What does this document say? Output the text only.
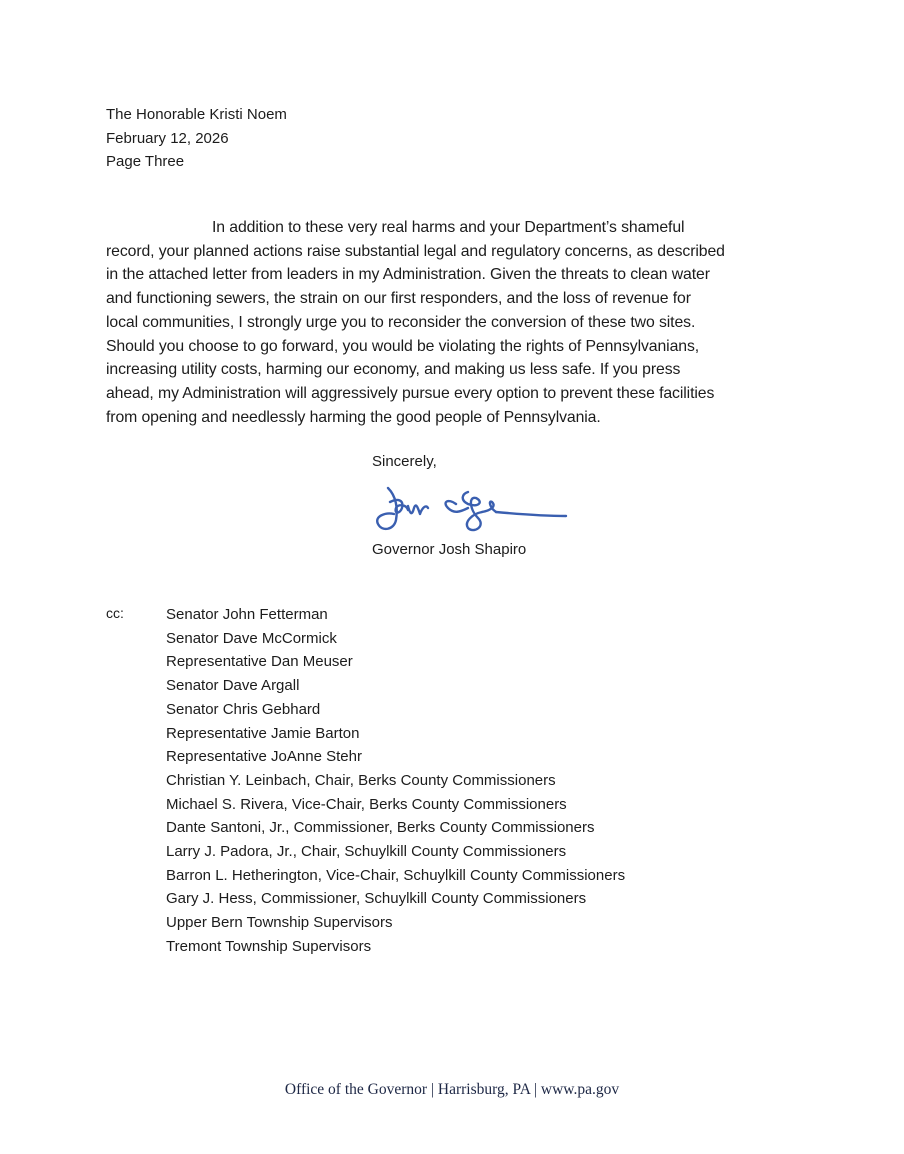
The Honorable Kristi Noem
February 12, 2026
Page Three
In addition to these very real harms and your Department’s shameful
record, your planned actions raise substantial legal and regulatory concerns, as described
in the attached letter from leaders in my Administration. Given the threats to clean water
and functioning sewers, the strain on our first responders, and the loss of revenue for
local communities, I strongly urge you to reconsider the conversion of these two sites.
Should you choose to go forward, you would be violating the rights of Pennsylvanians,
increasing utility costs, harming our economy, and making us less safe. If you press
ahead, my Administration will aggressively pursue every option to prevent these facilities
from opening and needlessly harming the good people of Pennsylvania.
Sincerely,
Governor Josh Shapiro
cc:	Senator John Fetterman
Senator Dave McCormick
Representative Dan Meuser
Senator Dave Argall
Senator Chris Gebhard
Representative Jamie Barton
Representative JoAnne Stehr
Christian Y. Leinbach, Chair, Berks County Commissioners
Michael S. Rivera, Vice-Chair, Berks County Commissioners
Dante Santoni, Jr., Commissioner, Berks County Commissioners
Larry J. Padora, Jr., Chair, Schuylkill County Commissioners
Barron L. Hetherington, Vice-Chair, Schuylkill County Commissioners
Gary J. Hess, Commissioner, Schuylkill County Commissioners
Upper Bern Township Supervisors
Tremont Township Supervisors
Office of the Governor | Harrisburg, PA | www.pa.gov
